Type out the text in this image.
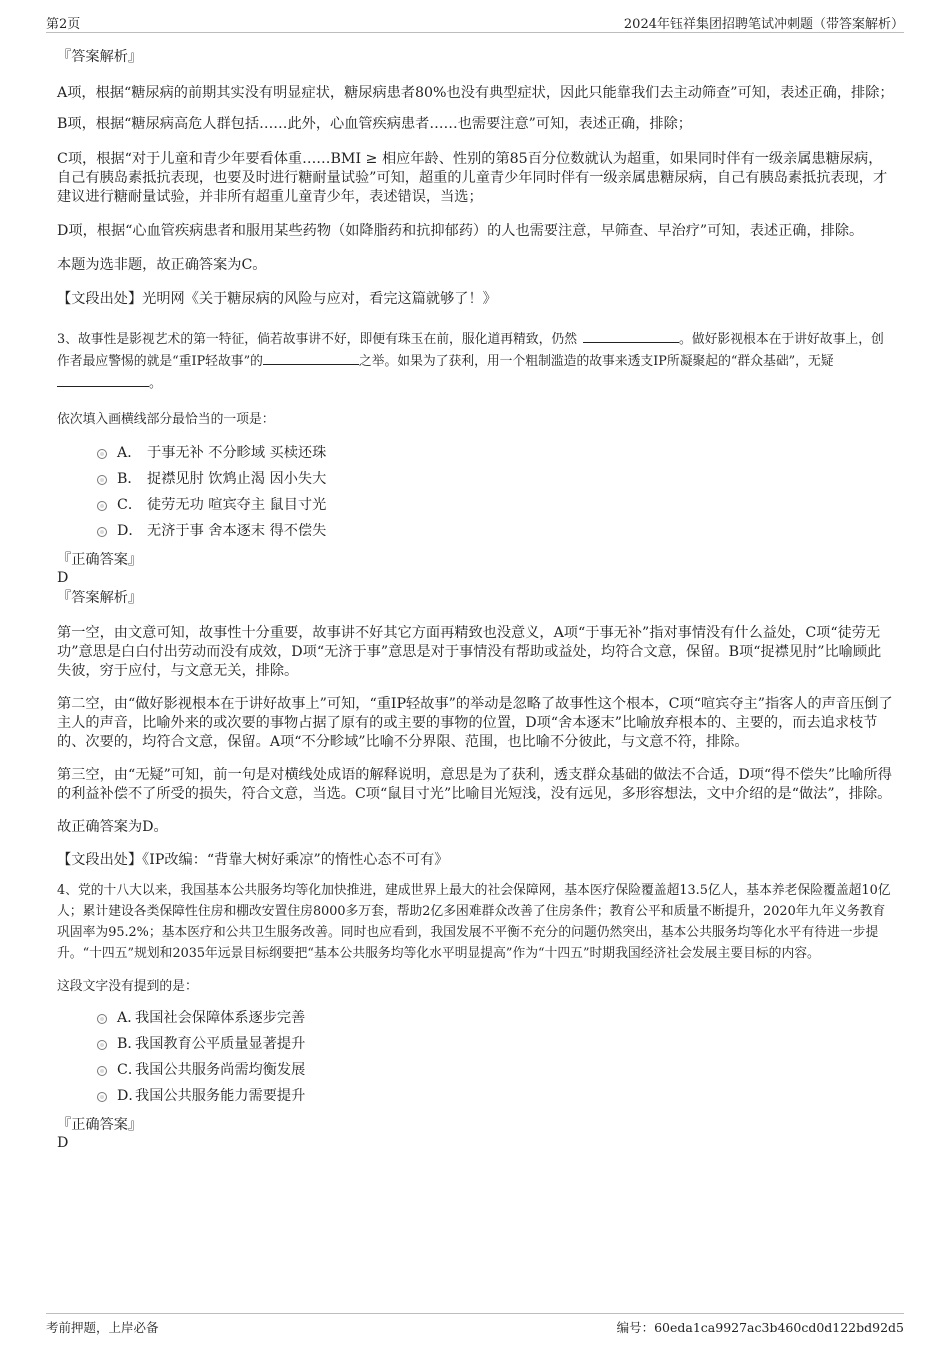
第2页	2024年钰祥集团招聘笔试冲刺题（带答案解析）

『答案解析』

A项，根据“糖尿病的前期其实没有明显症状，糖尿病患者80%也没有典型症状，因此只能靠我们去主动筛查”可知，表述正确，排除；

B项，根据“糖尿病高危人群包括……此外，心血管疾病患者……也需要注意”可知，表述正确，排除；

C项，根据“对于儿童和青少年要看体重……BMI ≥ 相应年龄、性别的第85百分位数就认为超重，如果同时伴有一级亲属患糖尿病，自己有胰岛素抵抗表现，也要及时进行糖耐量试验”可知，超重的儿童青少年同时伴有一级亲属患糖尿病，自己有胰岛素抵抗表现，才建议进行糖耐量试验，并非所有超重儿童青少年，表述错误，当选；

D项，根据“心血管疾病患者和服用某些药物（如降脂药和抗抑郁药）的人也需要注意，早筛查、早治疗”可知，表述正确，排除。

本题为选非题，故正确答案为C。

【文段出处】光明网《关于糖尿病的风险与应对，看完这篇就够了！》

3、故事性是影视艺术的第一特征，倘若故事讲不好，即便有珠玉在前，服化道再精致，仍然	。做好影视根本在于讲好故事上，创作者最应警惕的就是“重IP轻故事”的	之举。如果为了获利，用一个粗制滥造的故事来透支IP所凝聚起的“群众基础”，无疑。

依次填入画横线部分最恰当的一项是：

A． 于事无补 不分畛域 买椟还珠
B． 捉襟见肘 饮鸩止渴 因小失大
C． 徒劳无功 喧宾夺主 鼠目寸光
D． 无济于事 舍本逐末 得不偿失

『正确答案』

D

『答案解析』

第一空，由文意可知，故事性十分重要，故事讲不好其它方面再精致也没意义，A项“于事无补”指对事情没有什么益处，C项“徒劳无功”意思是白白付出劳动而没有成效，D项“无济于事”意思是对于事情没有帮助或益处，均符合文意，保留。B项“捉襟见肘”比喻顾此失彼，穷于应付，与文意无关，排除。

第二空，由“做好影视根本在于讲好故事上”可知，“重IP轻故事”的举动是忽略了故事性这个根本，C项“喧宾夺主”指客人的声音压倒了主人的声音，比喻外来的或次要的事物占据了原有的或主要的事物的位置，D项“舍本逐末”比喻放弃根本的、主要的，而去追求枝节的、次要的，均符合文意，保留。A项“不分畛域”比喻不分界限、范围，也比喻不分彼此，与文意不符，排除。

第三空，由“无疑”可知，前一句是对横线处成语的解释说明，意思是为了获利，透支群众基础的做法不合适，D项“得不偿失”比喻所得的利益补偿不了所受的损失，符合文意，当选。C项“鼠目寸光”比喻目光短浅，没有远见，多形容想法，文中介绍的是“做法”，排除。

故正确答案为D。

【文段出处】《IP改编：“背靠大树好乘凉”的惰性心态不可有》

4、党的十八大以来，我国基本公共服务均等化加快推进，建成世界上最大的社会保障网，基本医疗保险覆盖超13.5亿人，基本养老保险覆盖超10亿人；累计建设各类保障性住房和棚改安置住房8000多万套，帮助2亿多困难群众改善了住房条件；教育公平和质量不断提升，2020年九年义务教育巩固率为95.2%；基本医疗和公共卫生服务改善。同时也应看到，我国发展不平衡不充分的问题仍然突出，基本公共服务均等化水平有待进一步提升。“十四五”规划和2035年远景目标纲要把“基本公共服务均等化水平明显提高”作为“十四五”时期我国经济社会发展主要目标的内容。

这段文字没有提到的是：

A．我国社会保障体系逐步完善
B．我国教育公平质量显著提升
C．我国公共服务尚需均衡发展
D．我国公共服务能力需要提升

『正确答案』

D

考前押题，上岸必备	编号：60eda1ca9927ac3b460cd0d122bd92d5
